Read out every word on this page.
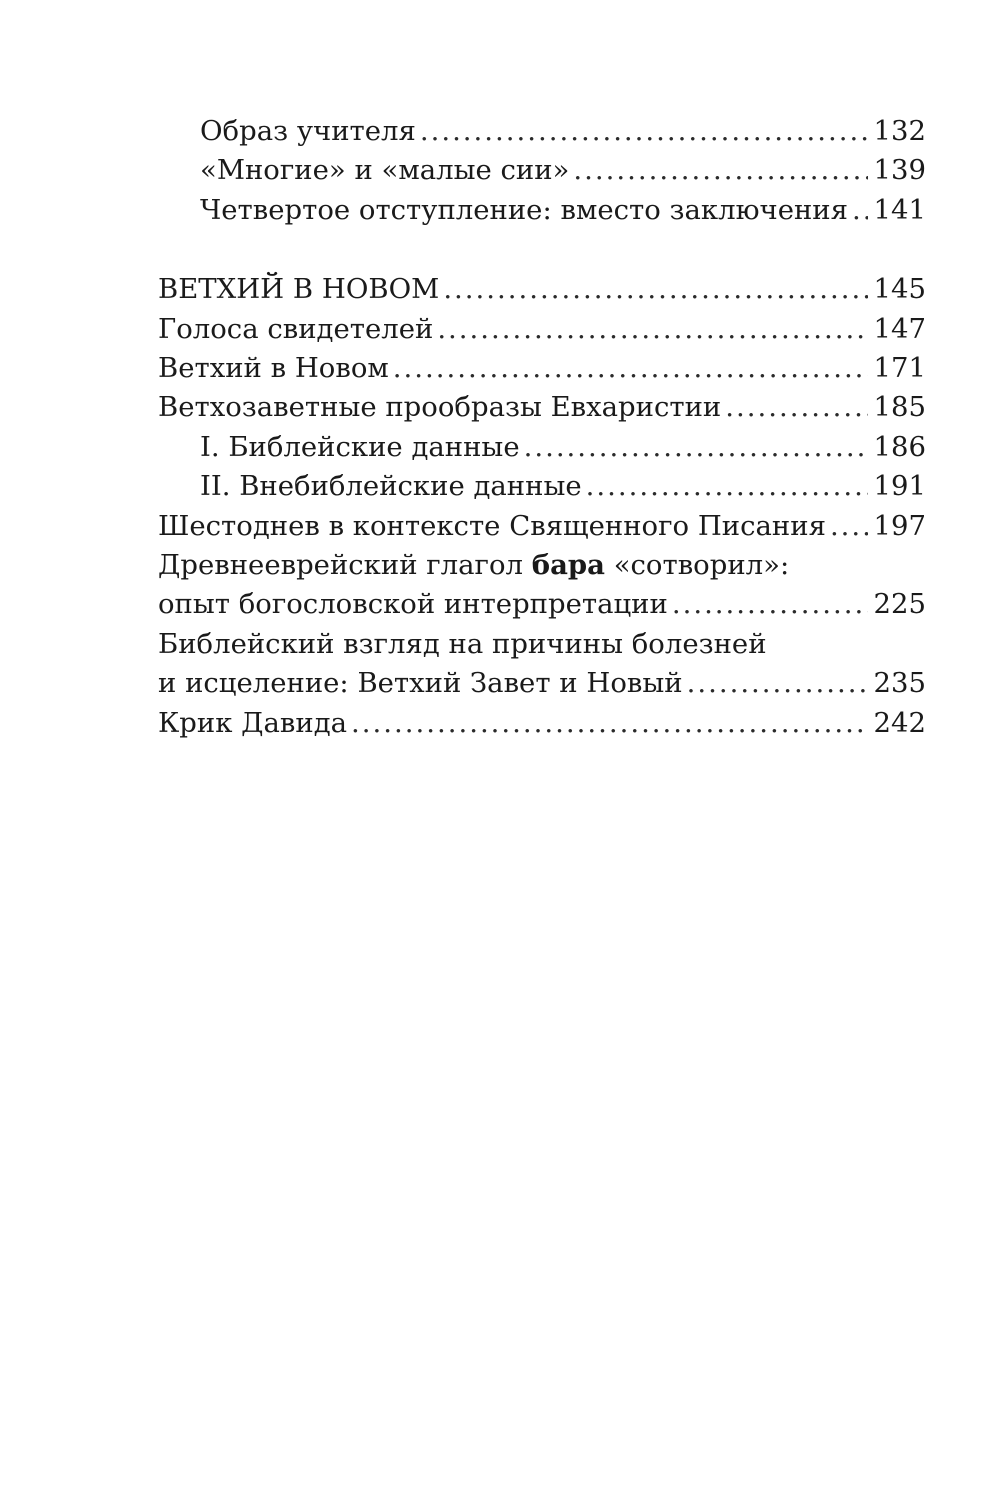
Образ учителя .....	132
«Многие» и «малые сии» .....	139
Четвертое отступление: вместо заключения ..... 141
ВЕТХИЙ В НОВОМ .....	145
Голоса свидетелей .....	147
Ветхий в Новом .....	171
Ветхозаветные прообразы Евхаристии .....	185
I. Библейские данные .....	186
II. Внебиблейские данные .....	191
Шестоднев в контексте Священного Писания ..... 197
Древнееврейский глагол бара «сотворил»:
опыт богословской интерпретации .....	225
Библейский взгляд на причины болезней
и исцеление: Ветхий Завет и Новый .....	235
Крик Давида .....	242
